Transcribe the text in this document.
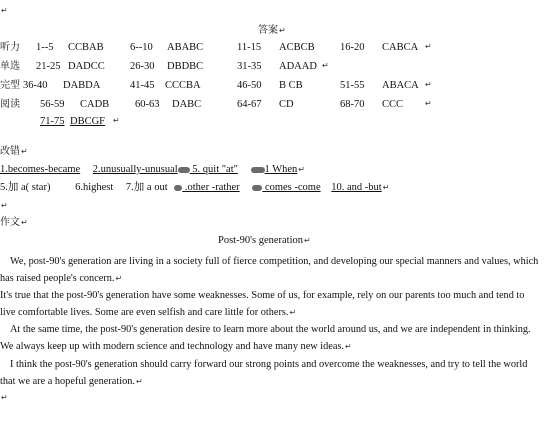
↵
答案↵
听力 1--5 CCBAB	6--10 ABABC	11-15 ACBCB 16-20 CABCA ↵
单选 21-25 DADCC 26-30 DBDBC	31-35 ADAAD ↵
完型 36-40 DABDA	41-45 CCCBA	46-50 B CB	51-55 ABACA ↵
阅读 56-59 CADB 60-63 DABC	64-67 CD	68-70 CCC	↵
71-75 DBCGF ↵
改错↵
1.becomes-became 2.unusually-unusual 5. quit "at"	1 When↵
5.加 a( star) 6.highest 7.加 a out  .other -rather  comes -come 10. and -but↵
↵
作文↵
Post-90's generation↵
We, post-90's generation are living in a society full of fierce competition, and developing our special manners and values, which has raised people's concern.↵
It's true that the post-90's generation have some weaknesses. Some of us, for example, rely on our parents too much and tend to live comfortable lives. Some are even selfish and care little for others.↵
At the same time, the post-90's generation desire to learn more about the world around us, and we are independent in thinking. We always keep up with modern science and technology and have many new ideas.↵
I think the post-90's generation should carry forward our strong points and overcome the weaknesses, and try to tell the world that we are a hopeful generation.↵
↵
